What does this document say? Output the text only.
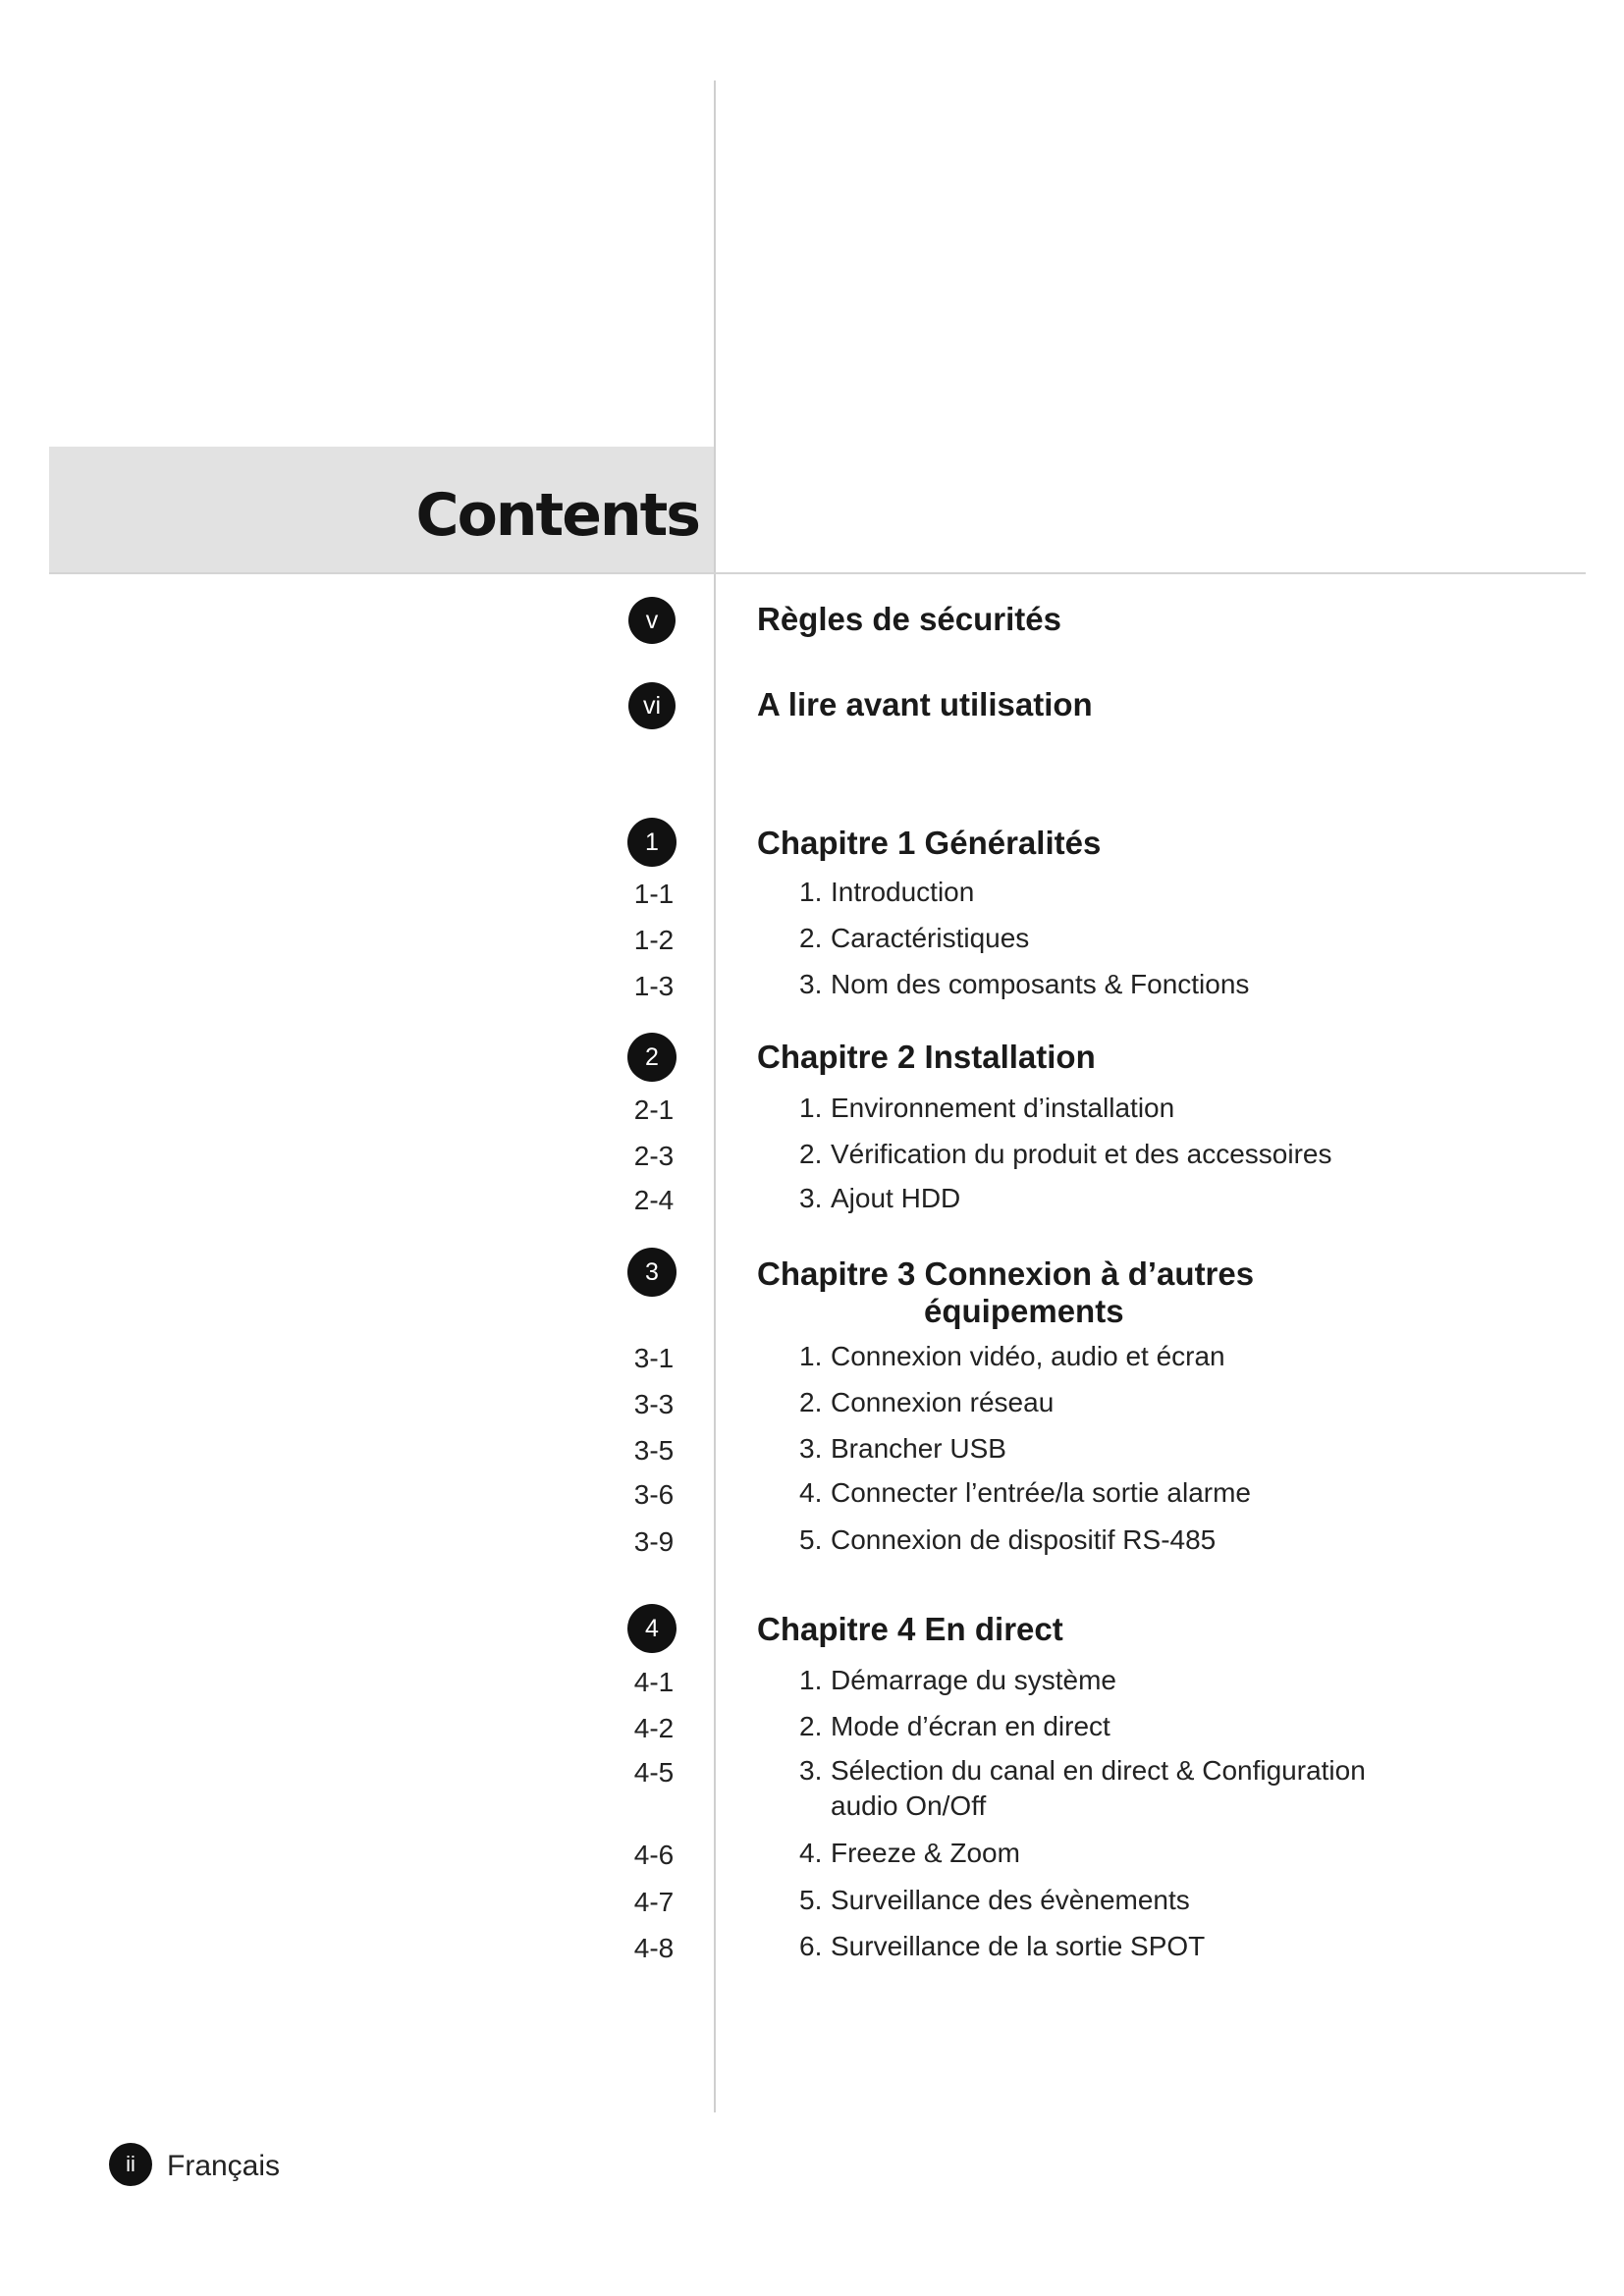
Contents
v	Règles de sécurités
vi	A lire avant utilisation
1	Chapitre 1 Généralités
1-1	1. Introduction
1-2	2. Caractéristiques
1-3	3. Nom des composants & Fonctions
2	Chapitre 2 Installation
2-1	1. Environnement d’installation
2-3	2. Vérification du produit et des accessoires
2-4	3. Ajout HDD
3	Chapitre 3 Connexion à d’autres
équipements
3-1	1. Connexion vidéo, audio et écran
3-3	2. Connexion réseau
3-5	3. Brancher USB
3-6	4. Connecter l’entrée/la sortie alarme
3-9	5. Connexion de dispositif RS-485
4	Chapitre 4 En direct
4-1	1. Démarrage du système
4-2	2. Mode d’écran en direct
4-5	3. Sélection du canal en direct & Configuration
audio On/Off
4-6	4. Freeze & Zoom
4-7	5. Surveillance des évènements
4-8	6. Surveillance de la sortie SPOT
ii	Français
